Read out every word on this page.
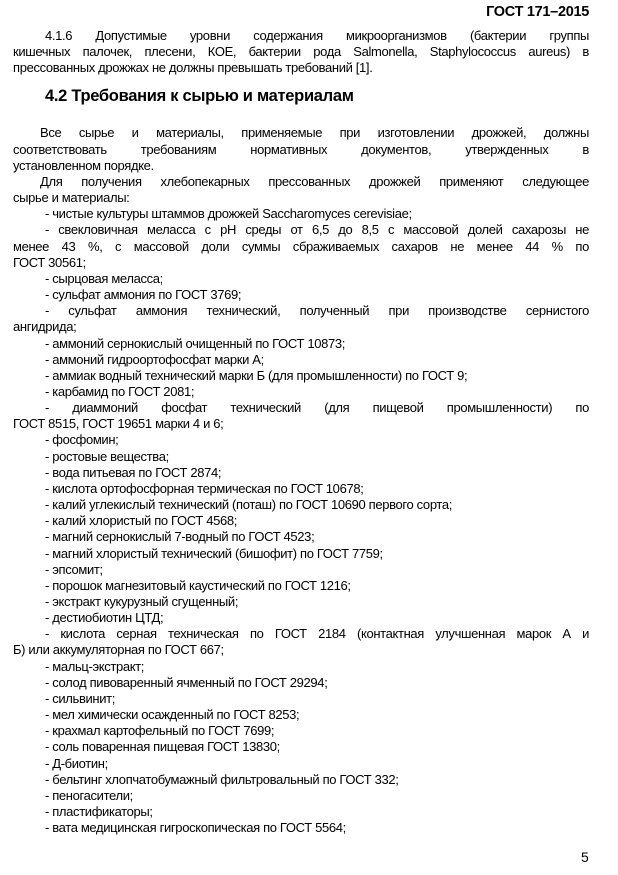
ГОСТ 171–2015
4.1.6 Допустимые уровни содержания микроорганизмов (бактерии группы
кишечных палочек, плесени, КОЕ, бактерии рода Salmonella, Staphylococcus aureus) в
прессованных дрожжах не должны превышать требований [1].
4.2 Требования к сырью и материалам
Все сырье и материалы, применяемые при изготовлении дрожжей, должны
соответствовать требованиям нормативных документов, утвержденных в
установленном порядке.
Для получения хлебопекарных прессованных дрожжей применяют следующее
сырье и материалы:
- чистые культуры штаммов дрожжей Saccharomyces cerevisiae;
- свекловичная меласса с pH среды от 6,5 до 8,5 с массовой долей сахарозы не
менее 43 %, с массовой доли суммы сбраживаемых сахаров не менее 44 % по
ГОСТ 30561;
- сырцовая меласса;
- сульфат аммония по ГОСТ 3769;
- сульфат аммония технический, полученный при производстве сернистого
ангидрида;
- аммоний сернокислый очищенный по ГОСТ 10873;
- аммоний гидроортофосфат марки А;
- аммиак водный технический марки Б (для промышленности) по ГОСТ 9;
- карбамид по ГОСТ 2081;
- диаммоний фосфат технический (для пищевой промышленности) по
ГОСТ 8515, ГОСТ 19651 марки 4 и 6;
- фосфомин;
- ростовые вещества;
- вода питьевая по ГОСТ 2874;
- кислота ортофосфорная термическая по ГОСТ 10678;
- калий углекислый технический (поташ) по ГОСТ 10690 первого сорта;
- калий хлористый по ГОСТ 4568;
- магний сернокислый 7-водный по ГОСТ 4523;
- магний хлористый технический (бишофит) по ГОСТ 7759;
- эпсомит;
- порошок магнезитовый каустический по ГОСТ 1216;
- экстракт кукурузный сгущенный;
- дестиобиотин ЦТД;
- кислота серная техническая по ГОСТ 2184 (контактная улучшенная марок А и
Б) или аккумуляторная по ГОСТ 667;
- мальц-экстракт;
- солод пивоваренный ячменный по ГОСТ 29294;
- сильвинит;
- мел химически осажденный по ГОСТ 8253;
- крахмал картофельный по ГОСТ 7699;
- соль поваренная пищевая ГОСТ 13830;
- Д-биотин;
- бельтинг хлопчатобумажный фильтровальный по ГОСТ 332;
- пеногасители;
- пластификаторы;
- вата медицинская гигроскопическая по ГОСТ 5564;
5
